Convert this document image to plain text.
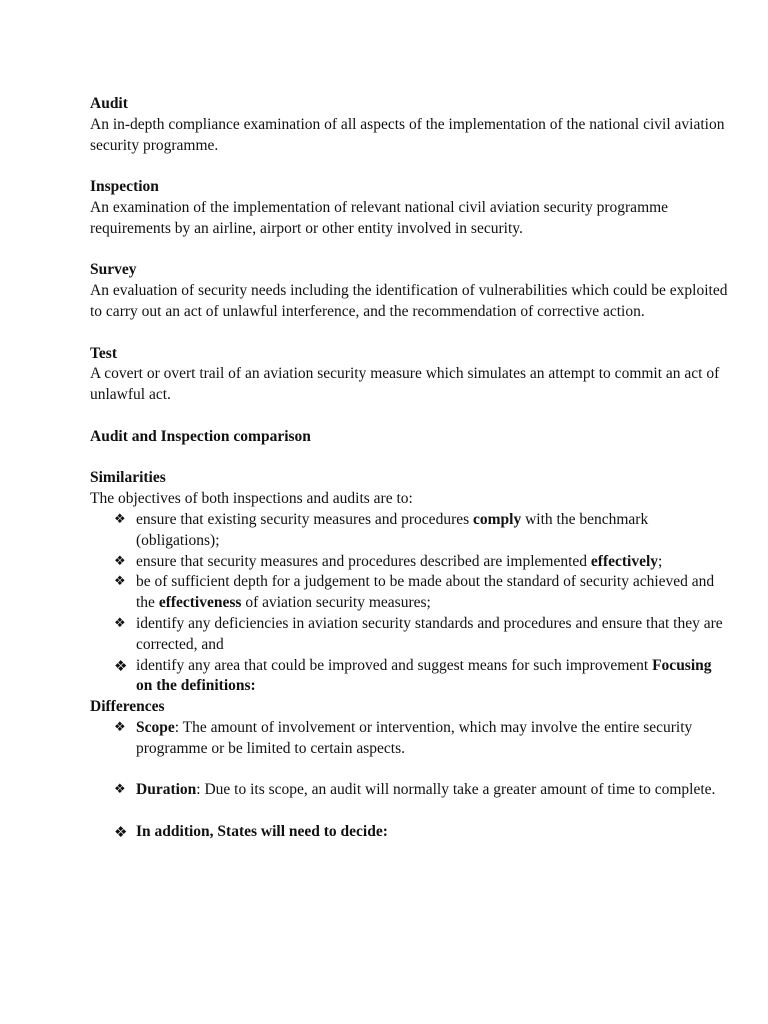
Audit
An in-depth compliance examination of all aspects of the implementation of the national civil aviation security programme.
Inspection
An examination of the implementation of relevant national civil aviation security programme requirements by an airline, airport or other entity involved in security.
Survey
An evaluation of security needs including the identification of vulnerabilities which could be exploited to carry out an act of unlawful interference, and the recommendation of corrective action.
Test
A covert or overt trail of an aviation security measure which simulates an attempt to commit an act of unlawful act.
Audit and Inspection comparison
Similarities
The objectives of both inspections and audits are to:
❖ ensure that existing security measures and procedures comply with the benchmark (obligations);
❖ ensure that security measures and procedures described are implemented effectively;
❖ be of sufficient depth for a judgement to be made about the standard of security achieved and the effectiveness of aviation security measures;
❖ identify any deficiencies in aviation security standards and procedures and ensure that they are corrected, and
❖ identify any area that could be improved and suggest means for such improvement Focusing on the definitions:
Differences
❖ Scope: The amount of involvement or intervention, which may involve the entire security programme or be limited to certain aspects.
❖ Duration: Due to its scope, an audit will normally take a greater amount of time to complete.
❖ In addition, States will need to decide:
